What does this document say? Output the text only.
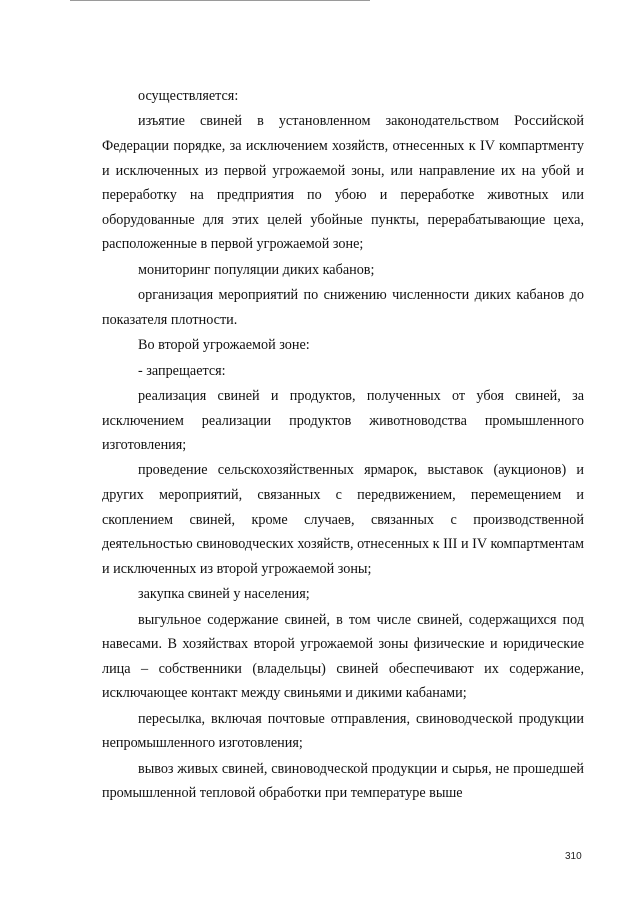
осуществляется:

изъятие свиней в установленном законодательством Российской Федерации порядке, за исключением хозяйств, отнесенных к IV компартменту и исключенных из первой угрожаемой зоны, или направление их на убой и переработку на предприятия по убою и переработке животных или оборудованные для этих целей убойные пункты, перерабатывающие цеха, расположенные в первой угрожаемой зоне;

мониторинг популяции диких кабанов;

организация мероприятий по снижению численности диких кабанов до показателя плотности.

Во второй угрожаемой зоне:

- запрещается:

реализация свиней и продуктов, полученных от убоя свиней, за исключением реализации продуктов животноводства промышленного изготовления;

проведение сельскохозяйственных ярмарок, выставок (аукционов) и других мероприятий, связанных с передвижением, перемещением и скоплением свиней, кроме случаев, связанных с производственной деятельностью свиноводческих хозяйств, отнесенных к III и IV компартментам и исключенных из второй угрожаемой зоны;

закупка свиней у населения;

выгульное содержание свиней, в том числе свиней, содержащихся под навесами. В хозяйствах второй угрожаемой зоны физические и юридические лица – собственники (владельцы) свиней обеспечивают их содержание, исключающее контакт между свиньями и дикими кабанами;

пересылка, включая почтовые отправления, свиноводческой продукции непромышленного изготовления;

вывоз живых свиней, свиноводческой продукции и сырья, не прошедшей промышленной тепловой обработки при температуре выше

310
